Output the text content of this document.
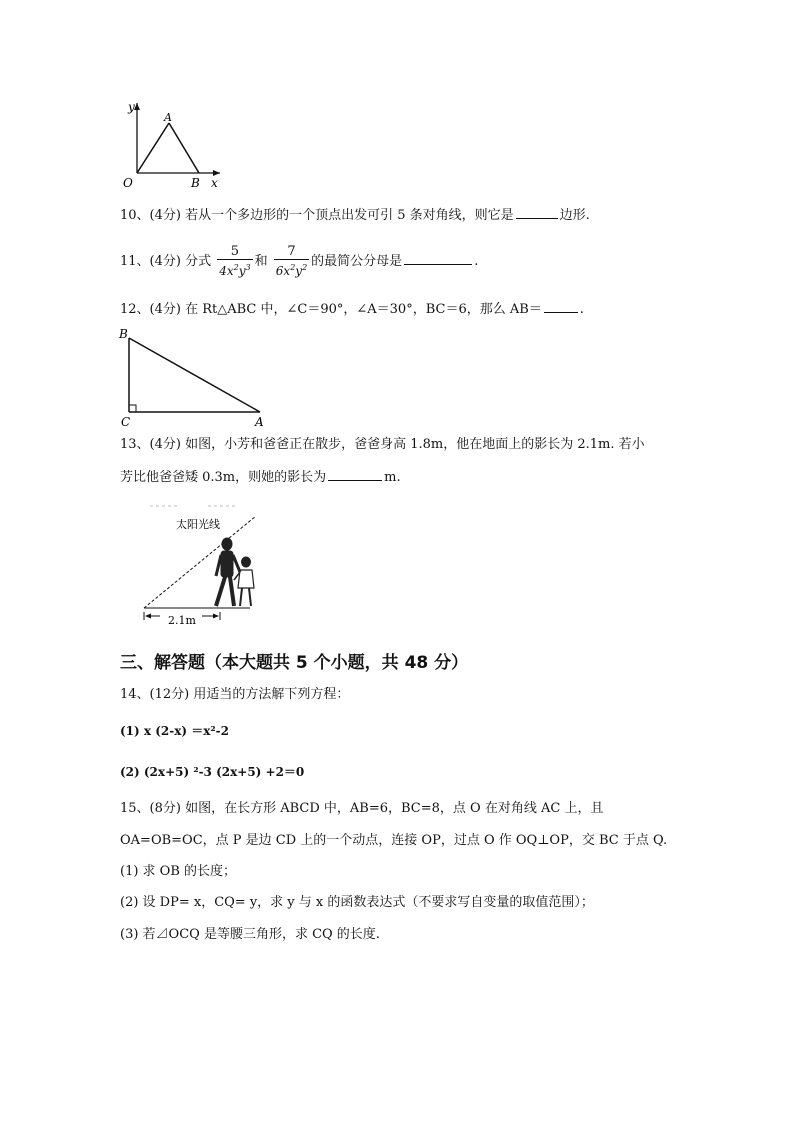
y
x
O
A
B
10、(4分) 若从一个多边形的一个顶点出发可引 5 条对角线，则它是	边形.
11、(4分) 分式 $\frac{5}{4x^2y^3}$ 和 $\frac{7}{6x^2y^2}$ 的最简公分母是	.
12、(4分) 在 Rt△ABC 中，∠C＝90°，∠A＝30°，BC＝6，那么 AB＝	.
B
C	A
13、(4分) 如图，小芳和爸爸正在散步，爸爸身高 1.8m，他在地面上的影长为 2.1m. 若小
芳比他爸爸矮 0.3m，则她的影长为	m.
太阳光线
2.1m
三、解答题（本大题共 5 个小题，共 48 分）
14、(12分) 用适当的方法解下列方程：
(1) x (2-x) ＝x²-2
(2) (2x+5) ²-3 (2x+5) +2＝0
15、(8分) 如图，在长方形 ABCD 中，AB=6，BC=8，点 O 在对角线 AC 上，且
OA=OB=OC，点 P 是边 CD 上的一个动点，连接 OP，过点 O 作 OQ⊥OP，交 BC 于点 Q.
(1) 求 OB 的长度；
(2) 设 DP= x，CQ= y，求 y 与 x 的函数表达式（不要求写自变量的取值范围）；
(3) 若⊿OCQ 是等腰三角形，求 CQ 的长度.
